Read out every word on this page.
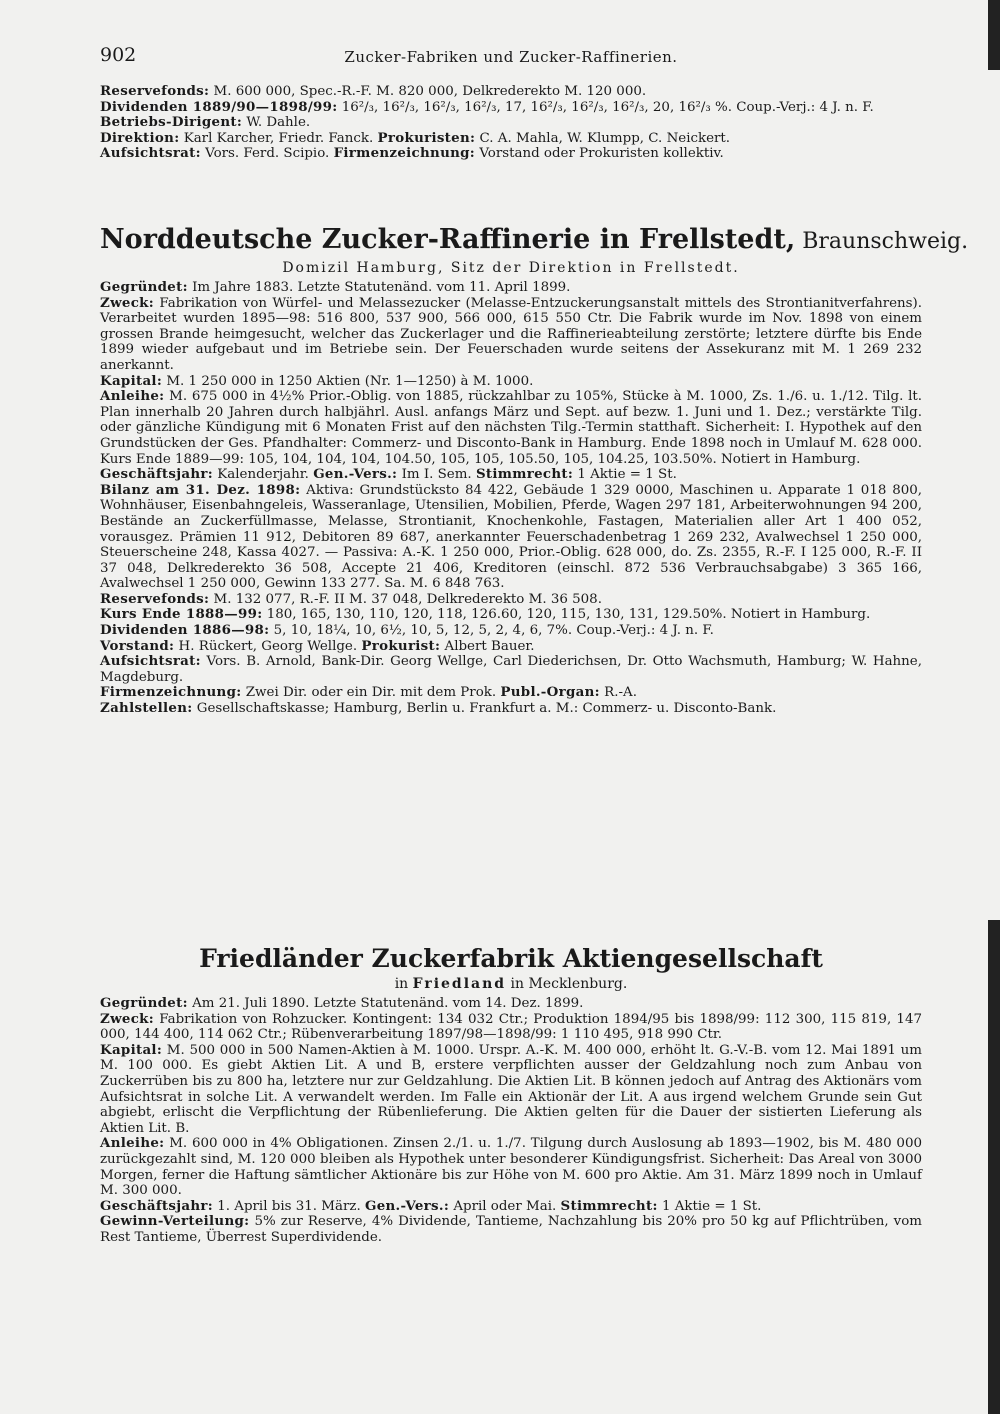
902	Zucker-Fabriken und Zucker-Raffinerien.

Reservefonds: M. 600 000, Spec.-R.-F. M. 820 000, Delkrederekto M. 120 000.

Dividenden 1889/90—1898/99: 16²/₃, 16²/₃, 16²/₃, 16²/₃, 17, 16²/₃, 16²/₃, 16²/₃, 20, 16²/₃ %. Coup.-Verj.: 4 J. n. F.

Betriebs-Dirigent: W. Dahle.

Direktion: Karl Karcher, Friedr. Fanck. Prokuristen: C. A. Mahla, W. Klumpp, C. Neickert.

Aufsichtsrat: Vors. Ferd. Scipio. Firmenzeichnung: Vorstand oder Prokuristen kollektiv.

Norddeutsche Zucker-Raffinerie in Frellstedt, Braunschweig.

Domizil Hamburg, Sitz der Direktion in Frellstedt.

Gegründet: Im Jahre 1883. Letzte Statutenänd. vom 11. April 1899.

Zweck: Fabrikation von Würfel- und Melassezucker (Melasse-Entzuckerungsanstalt mittels des Strontianitverfahrens). Verarbeitet wurden 1895—98: 516 800, 537 900, 566 000, 615 550 Ctr. Die Fabrik wurde im Nov. 1898 von einem grossen Brande heimgesucht, welcher das Zuckerlager und die Raffinerieabteilung zerstörte; letztere dürfte bis Ende 1899 wieder aufgebaut und im Betriebe sein. Der Feuerschaden wurde seitens der Assekuranz mit M. 1 269 232 anerkannt.

Kapital: M. 1 250 000 in 1250 Aktien (Nr. 1—1250) à M. 1000.

Anleihe: M. 675 000 in 4½% Prior.-Oblig. von 1885, rückzahlbar zu 105%, Stücke à M. 1000, Zs. 1./6. u. 1./12. Tilg. lt. Plan innerhalb 20 Jahren durch halbjährl. Ausl. anfangs März und Sept. auf bezw. 1. Juni und 1. Dez.; verstärkte Tilg. oder gänzliche Kündigung mit 6 Monaten Frist auf den nächsten Tilg.-Termin statthaft. Sicherheit: I. Hypothek auf den Grundstücken der Ges. Pfandhalter: Commerz- und Disconto-Bank in Hamburg. Ende 1898 noch in Umlauf M. 628 000. Kurs Ende 1889—99: 105, 104, 104, 104, 104.50, 105, 105, 105.50, 105, 104.25, 103.50%. Notiert in Hamburg.

Geschäftsjahr: Kalenderjahr. Gen.-Vers.: Im I. Sem. Stimmrecht: 1 Aktie = 1 St.

Bilanz am 31. Dez. 1898: Aktiva: Grundstücksto 84 422, Gebäude 1 329 0000, Maschinen u. Apparate 1 018 800, Wohnhäuser, Eisenbahngeleis, Wasseranlage, Utensilien, Mobilien, Pferde, Wagen 297 181, Arbeiterwohnungen 94 200, Bestände an Zuckerfüllmasse, Melasse, Strontianit, Knochenkohle, Fastagen, Materialien aller Art 1 400 052, vorausgez. Prämien 11 912, Debitoren 89 687, anerkannter Feuerschadenbetrag 1 269 232, Avalwechsel 1 250 000, Steuerscheine 248, Kassa 4027. — Passiva: A.-K. 1 250 000, Prior.-Oblig. 628 000, do. Zs. 2355, R.-F. I 125 000, R.-F. II 37 048, Delkrederekto 36 508, Accepte 21 406, Kreditoren (einschl. 872 536 Verbrauchsabgabe) 3 365 166, Avalwechsel 1 250 000, Gewinn 133 277. Sa. M. 6 848 763.

Reservefonds: M. 132 077, R.-F. II M. 37 048, Delkrederekto M. 36 508.

Kurs Ende 1888—99: 180, 165, 130, 110, 120, 118, 126.60, 120, 115, 130, 131, 129.50%. Notiert in Hamburg.

Dividenden 1886—98: 5, 10, 18¼, 10, 6½, 10, 5, 12, 5, 2, 4, 6, 7%. Coup.-Verj.: 4 J. n. F.

Vorstand: H. Rückert, Georg Wellge. Prokurist: Albert Bauer.

Aufsichtsrat: Vors. B. Arnold, Bank-Dir. Georg Wellge, Carl Diederichsen, Dr. Otto Wachsmuth, Hamburg; W. Hahne, Magdeburg.

Firmenzeichnung: Zwei Dir. oder ein Dir. mit dem Prok. Publ.-Organ: R.-A.

Zahlstellen: Gesellschaftskasse; Hamburg, Berlin u. Frankfurt a. M.: Commerz- u. Disconto-Bank.

Friedländer Zuckerfabrik Aktiengesellschaft

in Friedland in Mecklenburg.

Gegründet: Am 21. Juli 1890. Letzte Statutenänd. vom 14. Dez. 1899.

Zweck: Fabrikation von Rohzucker. Kontingent: 134 032 Ctr.; Produktion 1894/95 bis 1898/99: 112 300, 115 819, 147 000, 144 400, 114 062 Ctr.; Rübenverarbeitung 1897/98—1898/99: 1 110 495, 918 990 Ctr.

Kapital: M. 500 000 in 500 Namen-Aktien à M. 1000. Urspr. A.-K. M. 400 000, erhöht lt. G.-V.-B. vom 12. Mai 1891 um M. 100 000. Es giebt Aktien Lit. A und B, erstere verpflichten ausser der Geldzahlung noch zum Anbau von Zuckerrüben bis zu 800 ha, letztere nur zur Geldzahlung. Die Aktien Lit. B können jedoch auf Antrag des Aktionärs vom Aufsichtsrat in solche Lit. A verwandelt werden. Im Falle ein Aktionär der Lit. A aus irgend welchem Grunde sein Gut abgiebt, erlischt die Verpflichtung der Rübenlieferung. Die Aktien gelten für die Dauer der sistierten Lieferung als Aktien Lit. B.

Anleihe: M. 600 000 in 4% Obligationen. Zinsen 2./1. u. 1./7. Tilgung durch Auslosung ab 1893—1902, bis M. 480 000 zurückgezahlt sind, M. 120 000 bleiben als Hypothek unter besonderer Kündigungsfrist. Sicherheit: Das Areal von 3000 Morgen, ferner die Haftung sämtlicher Aktionäre bis zur Höhe von M. 600 pro Aktie. Am 31. März 1899 noch in Umlauf M. 300 000.

Geschäftsjahr: 1. April bis 31. März. Gen.-Vers.: April oder Mai. Stimmrecht: 1 Aktie = 1 St.

Gewinn-Verteilung: 5% zur Reserve, 4% Dividende, Tantieme, Nachzahlung bis 20% pro 50 kg auf Pflichtrüben, vom Rest Tantieme, Überrest Superdividende.
